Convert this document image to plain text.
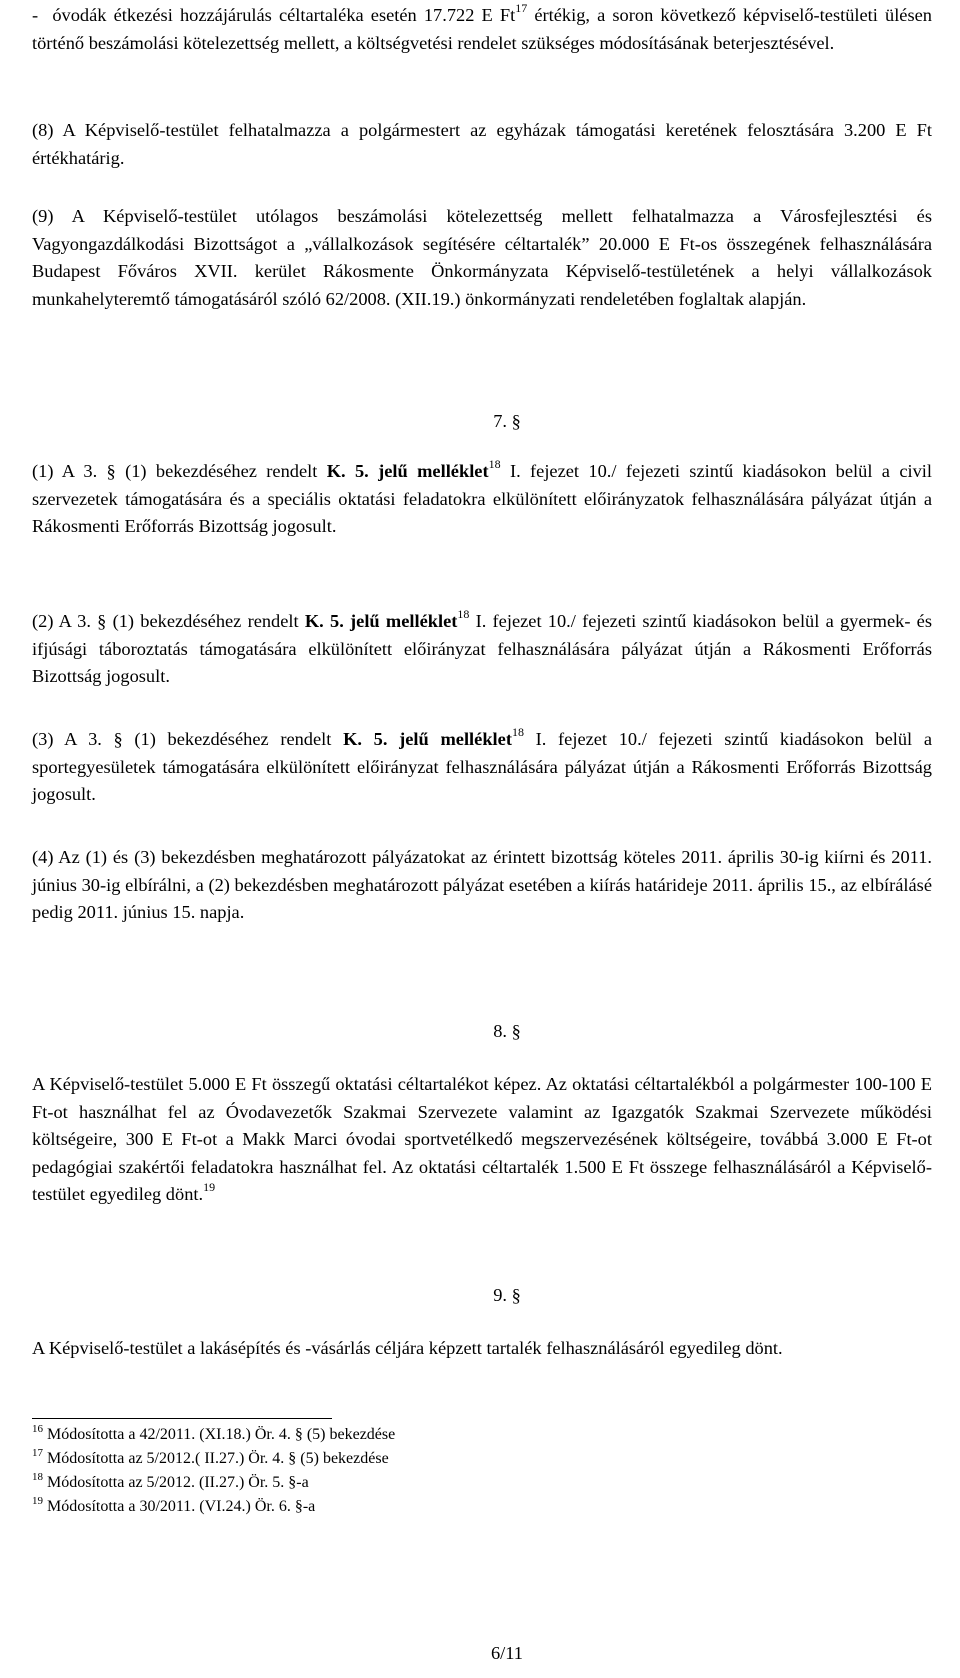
-  óvodák étkezési hozzájárulás céltartaléka esetén 17.722 E Ft$^{17}$ értékig, a soron következő képviselő-testületi ülésen történő beszámolási kötelezettség mellett, a költségvetési rendelet szükséges módosításának beterjesztésével.

(8) A Képviselő-testület felhatalmazza a polgármestert az egyházak támogatási keretének felosztására 3.200 E Ft értékhatárig.

(9) A Képviselő-testület utólagos beszámolási kötelezettség mellett felhatalmazza a Városfejlesztési és Vagyongazdálkodási Bizottságot a „vállalkozások segítésére céltartalék” 20.000 E Ft-os összegének felhasználására Budapest Főváros XVII. kerület Rákosmente Önkormányzata Képviselő-testületének a helyi vállalkozások munkahelyteremtő támogatásáról szóló 62/2008. (XII.19.) önkormányzati rendeletében foglaltak alapján.

7. §

(1) A 3. § (1) bekezdéséhez rendelt K. 5. jelű melléklet$^{18}$ I. fejezet 10./ fejezeti szintű kiadásokon belül a civil szervezetek támogatására és a speciális oktatási feladatokra elkülönített előirányzatok felhasználására pályázat útján a Rákosmenti Erőforrás Bizottság jogosult.

(2) A 3. § (1) bekezdéséhez rendelt K. 5. jelű melléklet$^{18}$ I. fejezet 10./ fejezeti szintű kiadásokon belül a gyermek- és ifjúsági táboroztatás támogatására elkülönített előirányzat felhasználására pályázat útján a Rákosmenti Erőforrás Bizottság jogosult.

(3) A 3. § (1) bekezdéséhez rendelt K. 5. jelű melléklet$^{18}$ I. fejezet 10./ fejezeti szintű kiadásokon belül a sportegyesületek támogatására elkülönített előirányzat felhasználására pályázat útján a Rákosmenti Erőforrás Bizottság jogosult.

(4) Az (1) és (3) bekezdésben meghatározott pályázatokat az érintett bizottság köteles 2011. április 30-ig kiírni és 2011. június 30-ig elbírálni, a (2) bekezdésben meghatározott pályázat esetében a kiírás határideje 2011. április 15., az elbírálásé pedig 2011. június 15. napja.

8. §

A Képviselő-testület 5.000 E Ft összegű oktatási céltartalékot képez. Az oktatási céltartalékból a polgármester 100-100 E Ft-ot használhat fel az Óvodavezetők Szakmai Szervezete valamint az Igazgatók Szakmai Szervezete működési költségeire, 300 E Ft-ot a Makk Marci óvodai sportvetélkedő megszervezésének költségeire, továbbá 3.000 E Ft-ot pedagógiai szakértői feladatokra használhat fel. Az oktatási céltartalék 1.500 E Ft összege felhasználásáról a Képviselő-testület egyedileg dönt.$^{19}$

9. §

A Képviselő-testület a lakásépítés és -vásárlás céljára képzett tartalék felhasználásáról egyedileg dönt.

$^{16}$ Módosította a 42/2011. (XI.18.) Ör. 4. § (5) bekezdése

$^{17}$ Módosította az 5/2012.( II.27.) Ör. 4. § (5) bekezdése

$^{18}$ Módosította az 5/2012. (II.27.) Ör. 5. §-a

$^{19}$ Módosította a 30/2011. (VI.24.) Ör. 6. §-a

6/11
